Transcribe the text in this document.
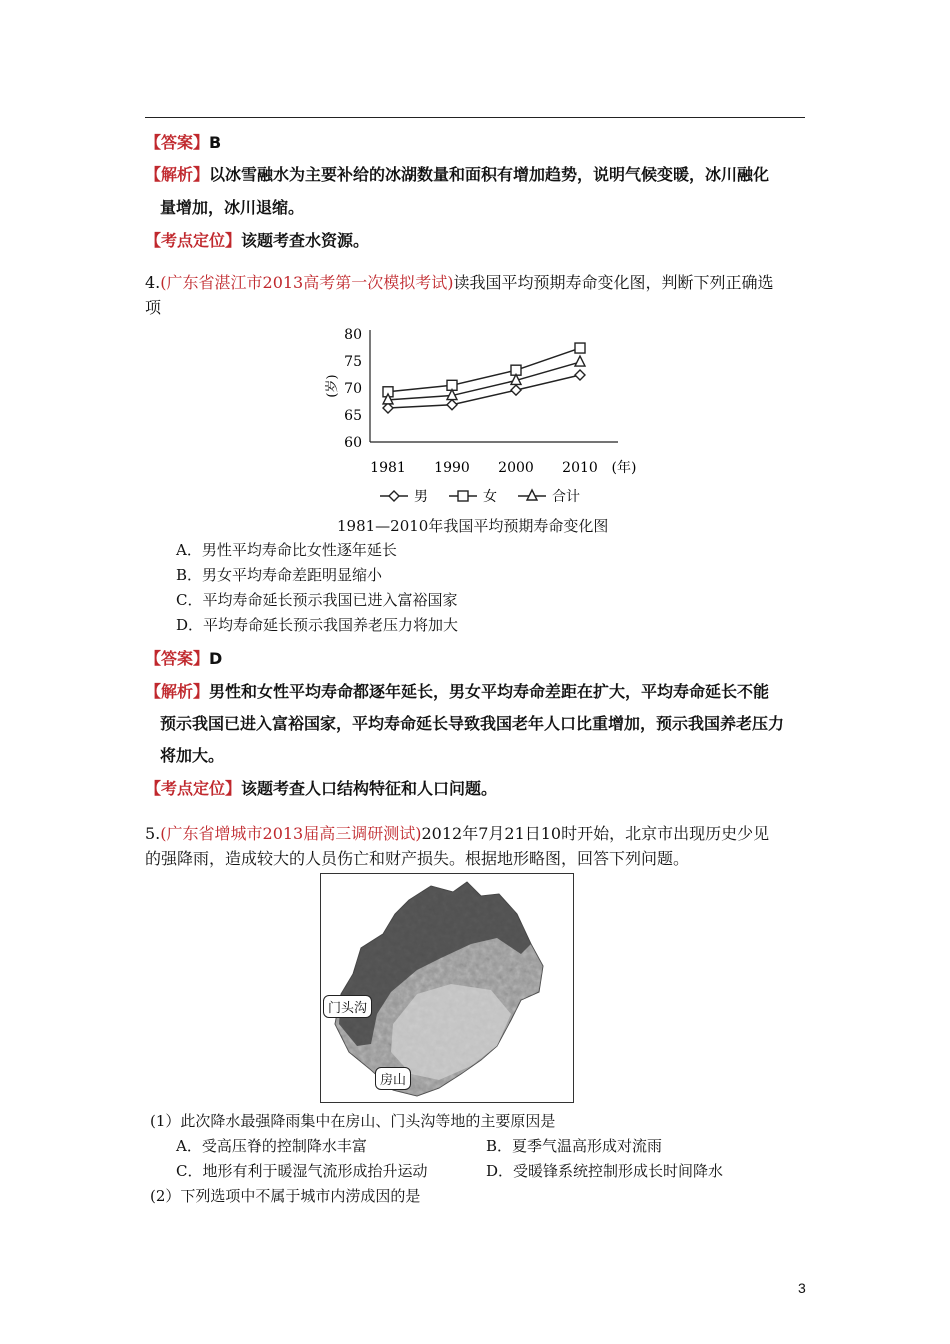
【答案】B
【解析】以冰雪融水为主要补给的冰湖数量和面积有增加趋势，说明气候变暖，冰川融化
量增加，冰川退缩。
【考点定位】该题考查水资源。
4.(广东省湛江市2013高考第一次模拟考试)读我国平均预期寿命变化图，判断下列正确选
项
60
65
70
75
80
(岁)
1981 1990 2000 2010 (年)
男	女	合计
1981—2010年我国平均预期寿命变化图
A．男性平均寿命比女性逐年延长
B．男女平均寿命差距明显缩小
C．平均寿命延长预示我国已进入富裕国家
D．平均寿命延长预示我国养老压力将加大
【答案】D
【解析】男性和女性平均寿命都逐年延长，男女平均寿命差距在扩大，平均寿命延长不能
预示我国已进入富裕国家，平均寿命延长导致我国老年人口比重增加，预示我国养老压力
将加大。
【考点定位】该题考查人口结构特征和人口问题。
5.(广东省增城市2013届高三调研测试)2012年7月21日10时开始，北京市出现历史少见
的强降雨，造成较大的人员伤亡和财产损失。根据地形略图，回答下列问题。
门头沟
房山
(1）此次降水最强降雨集中在房山、门头沟等地的主要原因是
A．受高压脊的控制降水丰富	B．夏季气温高形成对流雨
C．地形有利于暖湿气流形成抬升运动	D．受暖锋系统控制形成长时间降水
(2）下列选项中不属于城市内涝成因的是
3
